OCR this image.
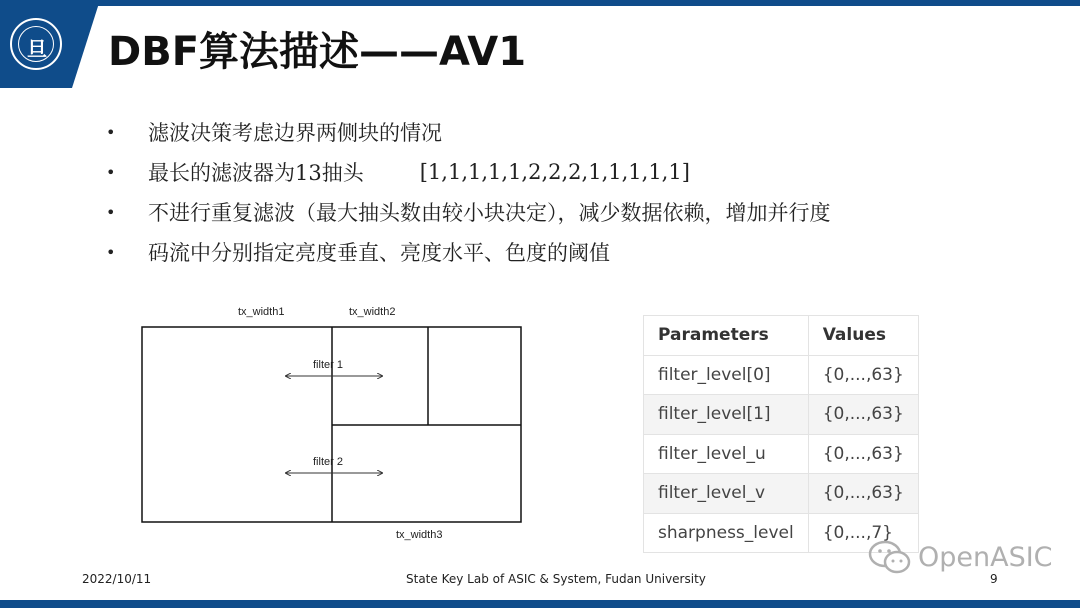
旦 DBF算法描述——AV1
•	滤波决策考虑边界两侧块的情况
•	最长的滤波器为13抽头	[1,1,1,1,1,2,2,2,1,1,1,1,1]
•	不进行重复滤波（最大抽头数由较小块决定），减少数据依赖，增加并行度
•	码流中分别指定亮度垂直、亮度水平、色度的阈值
tx_width1	tx_width2
tx_width3
filter 1
filter 2
Parameters	Values
filter_level[0]	{0,...,63}
filter_level[1]	{0,...,63}
filter_level_u	{0,...,63}
filter_level_v	{0,...,63}
sharpness_level	{0,...,7}
OpenASIC
2022/10/11	State Key Lab of ASIC & System, Fudan University	9
